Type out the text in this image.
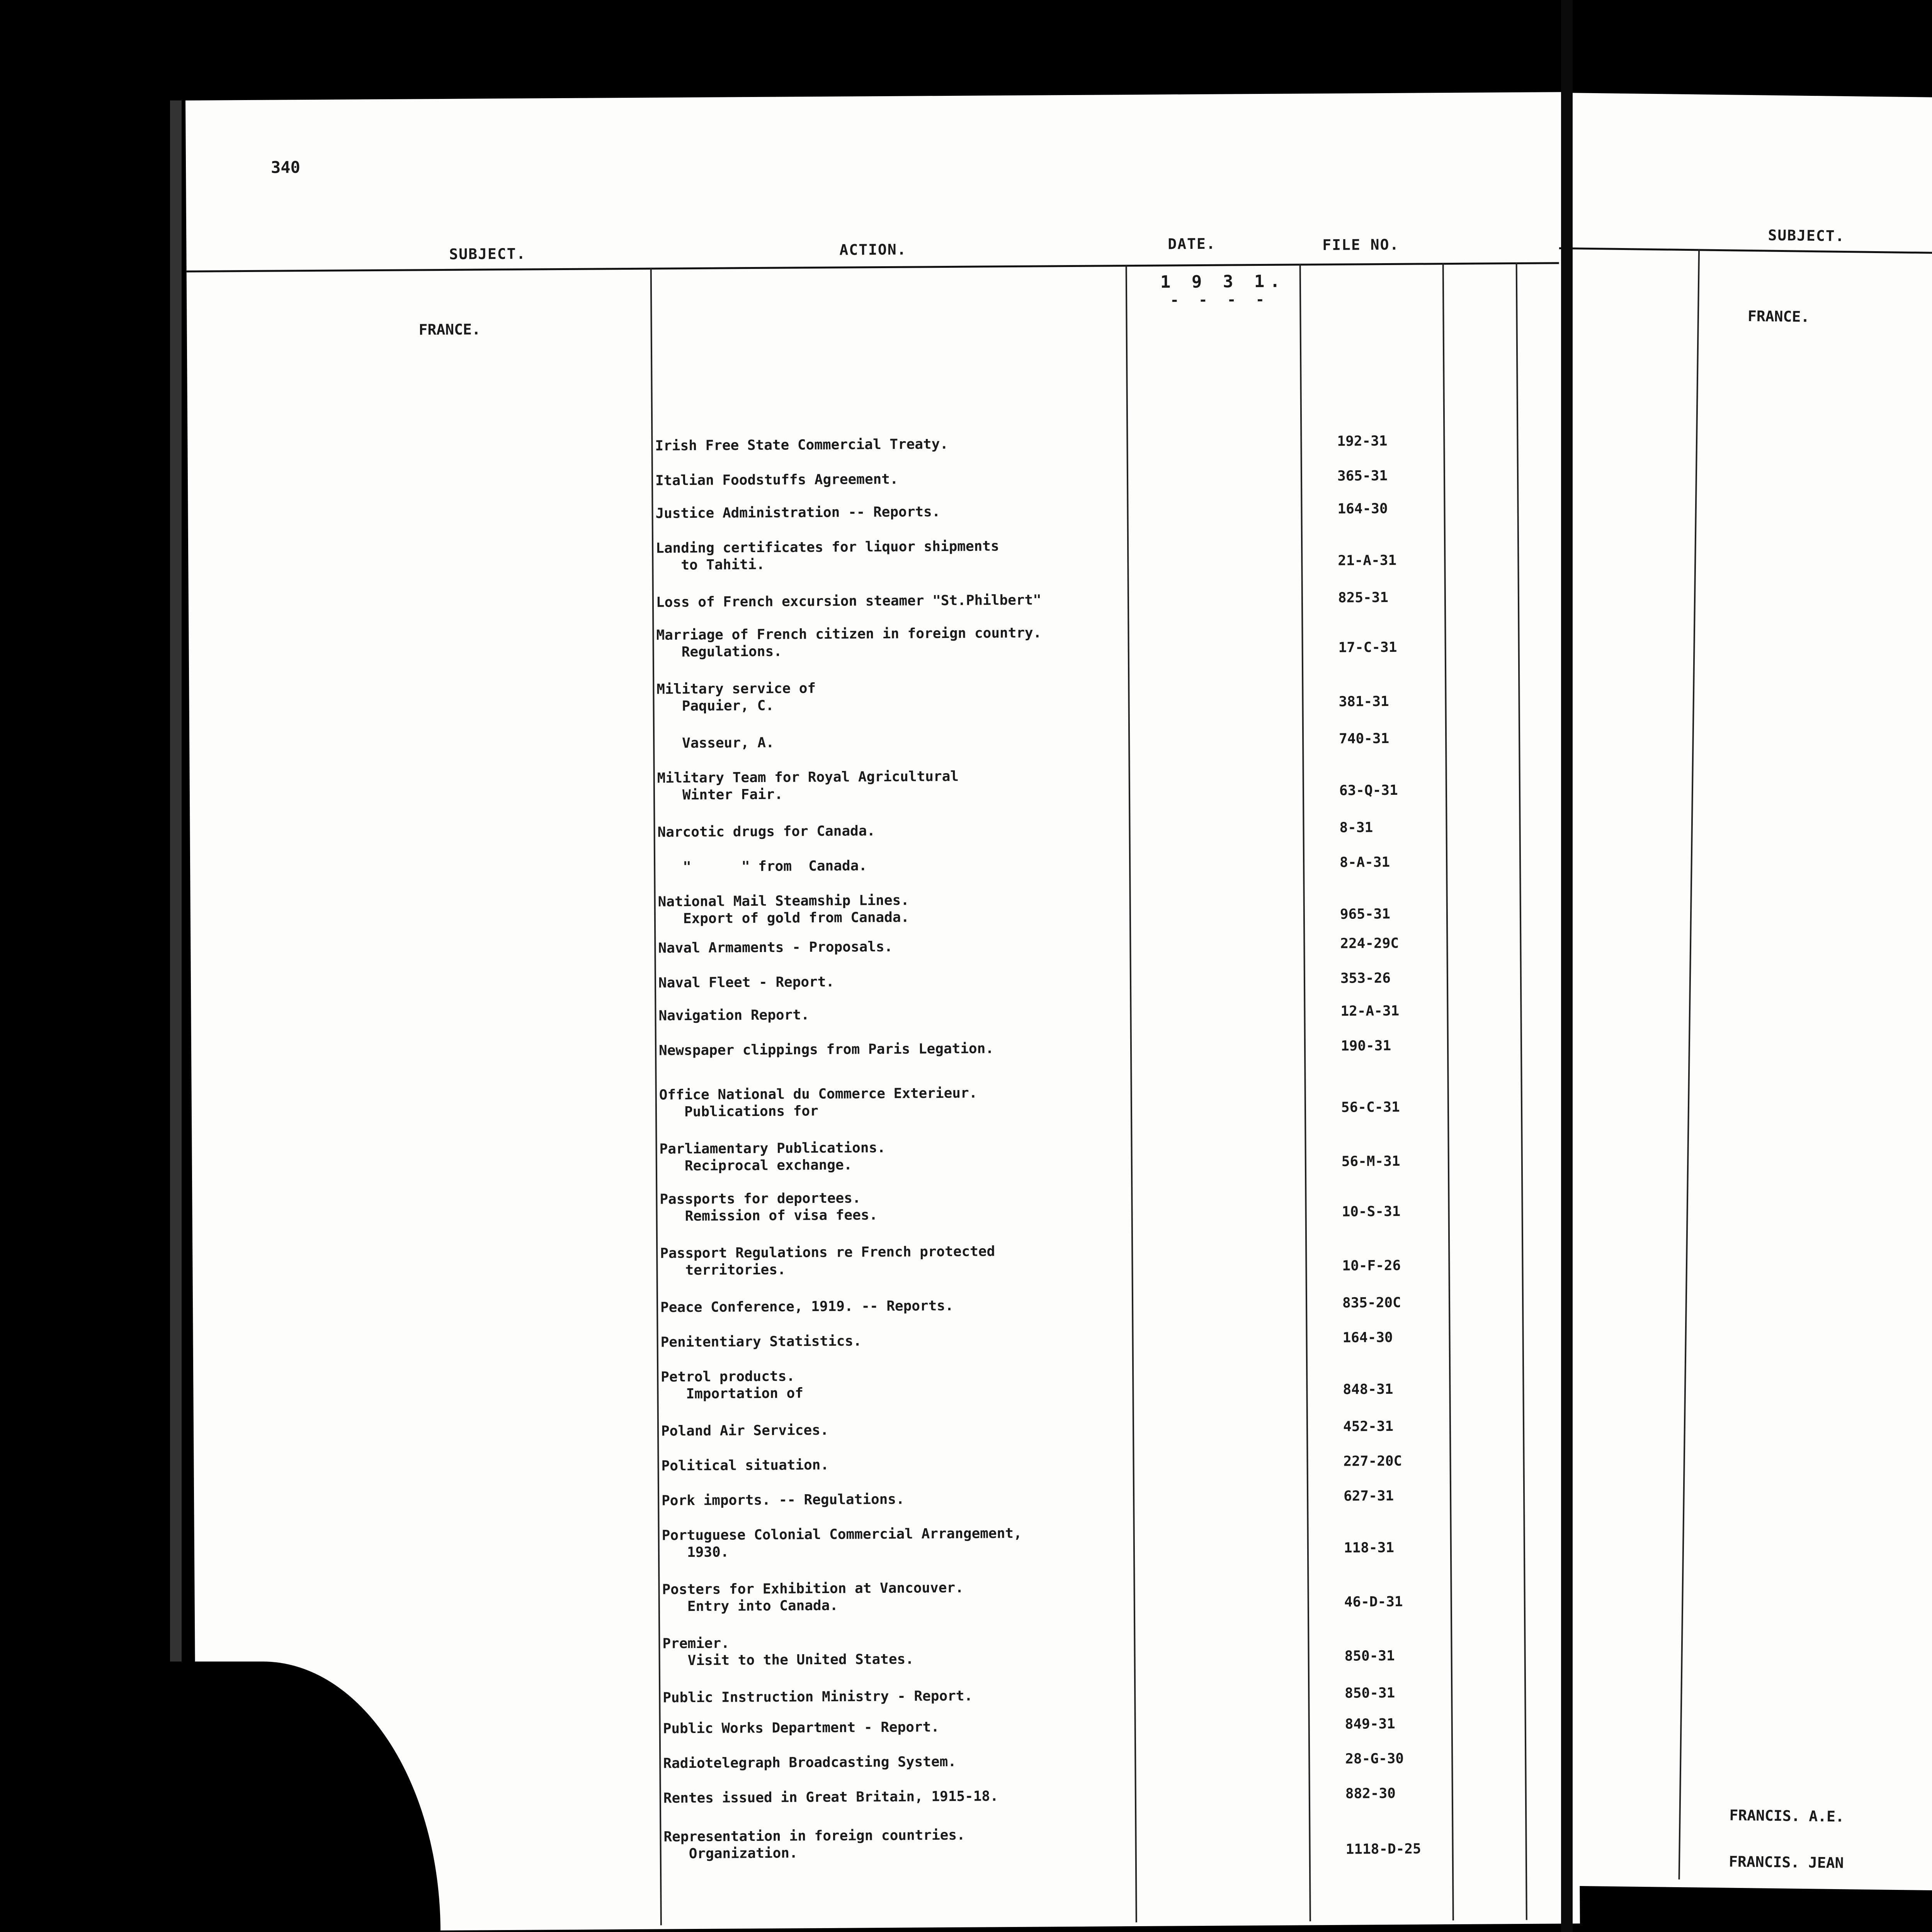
340
SUBJECT.	ACTION.	DATE.	FILE NO.
1 9 3 1.
- - - -
FRANCE.
Irish Free State Commercial Treaty.	192-31
Italian Foodstuffs Agreement.	365-31
Justice Administration -- Reports.	164-30
Landing certificates for liquor shipments
to Tahiti.	21-A-31
Loss of French excursion steamer "St.Philbert"	825-31
Marriage of French citizen in foreign country.
Regulations.	17-C-31
Military service of
Paquier, C.	381-31
Vasseur, A.	740-31
Military Team for Royal Agricultural
Winter Fair.	63-Q-31
Narcotic drugs for Canada.	8-31
"      " from  Canada.	8-A-31
National Mail Steamship Lines.
Export of gold from Canada.	965-31
Naval Armaments - Proposals.	224-29C
Naval Fleet - Report.	353-26
Navigation Report.	12-A-31
Newspaper clippings from Paris Legation.	190-31
Office National du Commerce Exterieur.
Publications for	56-C-31
Parliamentary Publications.
Reciprocal exchange.	56-M-31
Passports for deportees.
Remission of visa fees.	10-S-31
Passport Regulations re French protected
territories.	10-F-26
Peace Conference, 1919. -- Reports.	835-20C
Penitentiary Statistics.	164-30
Petrol products.
Importation of	848-31
Poland Air Services.	452-31
Political situation.	227-20C
Pork imports. -- Regulations.	627-31
Portuguese Colonial Commercial Arrangement,
1930.	118-31
Posters for Exhibition at Vancouver.
Entry into Canada.	46-D-31
Premier.
Visit to the United States.	850-31
Public Instruction Ministry - Report.	850-31
Public Works Department - Report.	849-31
Radiotelegraph Broadcasting System.	28-G-30
Rentes issued in Great Britain, 1915-18.	882-30
Representation in foreign countries.
Organization.	1118-D-25
SUBJECT.
FRANCE.
FRANCIS. A.E.
FRANCIS. JEAN
